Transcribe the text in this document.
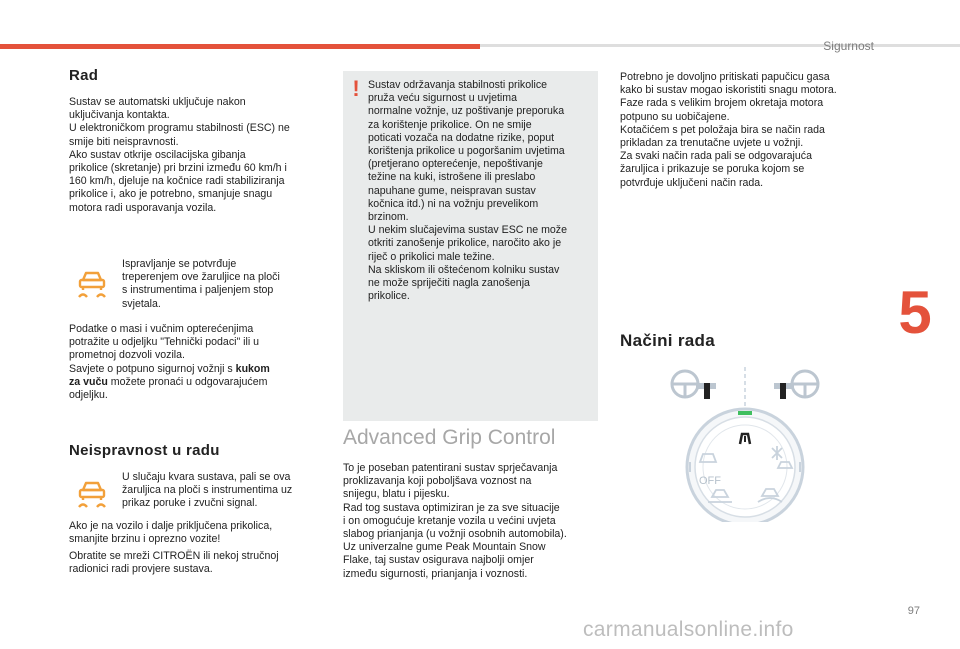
Sigurnost
5
Rad
Sustav se automatski uključuje nakon
uključivanja kontakta.
U elektroničkom programu stabilnosti (ESC) ne
smije biti neispravnosti.
Ako sustav otkrije oscilacijska gibanja
prikolice (skretanje) pri brzini između 60 km/h i
160 km/h, djeluje na kočnice radi stabiliziranja
prikolice i, ako je potrebno, smanjuje snagu
motora radi usporavanja vozila.
Ispravljanje se potvrđuje
treperenjem ove žaruljice na ploči
s instrumentima i paljenjem stop
svjetala.
Podatke o masi i vučnim opterećenjima
potražite u odjeljku "Tehnički podaci" ili u
prometnoj dozvoli vozila.
Savjete o potpuno sigurnoj vožnji s kukom
za vuču možete pronaći u odgovarajućem
odjeljku.
Neispravnost u radu
U slučaju kvara sustava, pali se ova
žaruljica na ploči s instrumentima uz
prikaz poruke i zvučni signal.
Ako je na vozilo i dalje priključena prikolica,
smanjite brzinu i oprezno vozite!
Obratite se mreži CITROËN ili nekoj stručnoj
radionici radi provjere sustava.
! Sustav održavanja stabilnosti prikolice
pruža veću sigurnost u uvjetima
normalne vožnje, uz poštivanje preporuka
za korištenje prikolice. On ne smije
poticati vozača na dodatne rizike, poput
korištenja prikolice u pogoršanim uvjetima
(pretjerano opterećenje, nepoštivanje
težine na kuki, istrošene ili preslabo
napuhane gume, neispravan sustav
kočnica itd.) ni na vožnju prevelikom
brzinom.
U nekim slučajevima sustav ESC ne može
otkriti zanošenje prikolice, naročito ako je
riječ o prikolici male težine.
Na skliskom ili oštećenom kolniku sustav
ne može spriječiti nagla zanošenja
prikolice.
Advanced Grip Control
To je poseban patentirani sustav sprječavanja
proklizavanja koji poboljšava voznost na
snijegu, blatu i pijesku.
Rad tog sustava optimiziran je za sve situacije
i on omogućuje kretanje vozila u većini uvjeta
slabog prianjanja (u vožnji osobnih automobila).
Uz univerzalne gume Peak Mountain Snow
Flake, taj sustav osigurava najbolji omjer
između sigurnosti, prianjanja i voznosti.
Potrebno je dovoljno pritiskati papučicu gasa
kako bi sustav mogao iskoristiti snagu motora.
Faze rada s velikim brojem okretaja motora
potpuno su uobičajene.
Kotačićem s pet položaja bira se način rada
prikladan za trenutačne uvjete u vožnji.
Za svaki način rada pali se odgovarajuća
žaruljica i prikazuje se poruka kojom se
potvrđuje uključeni način rada.
Načini rada
OFF
97
carmanualsonline.info
